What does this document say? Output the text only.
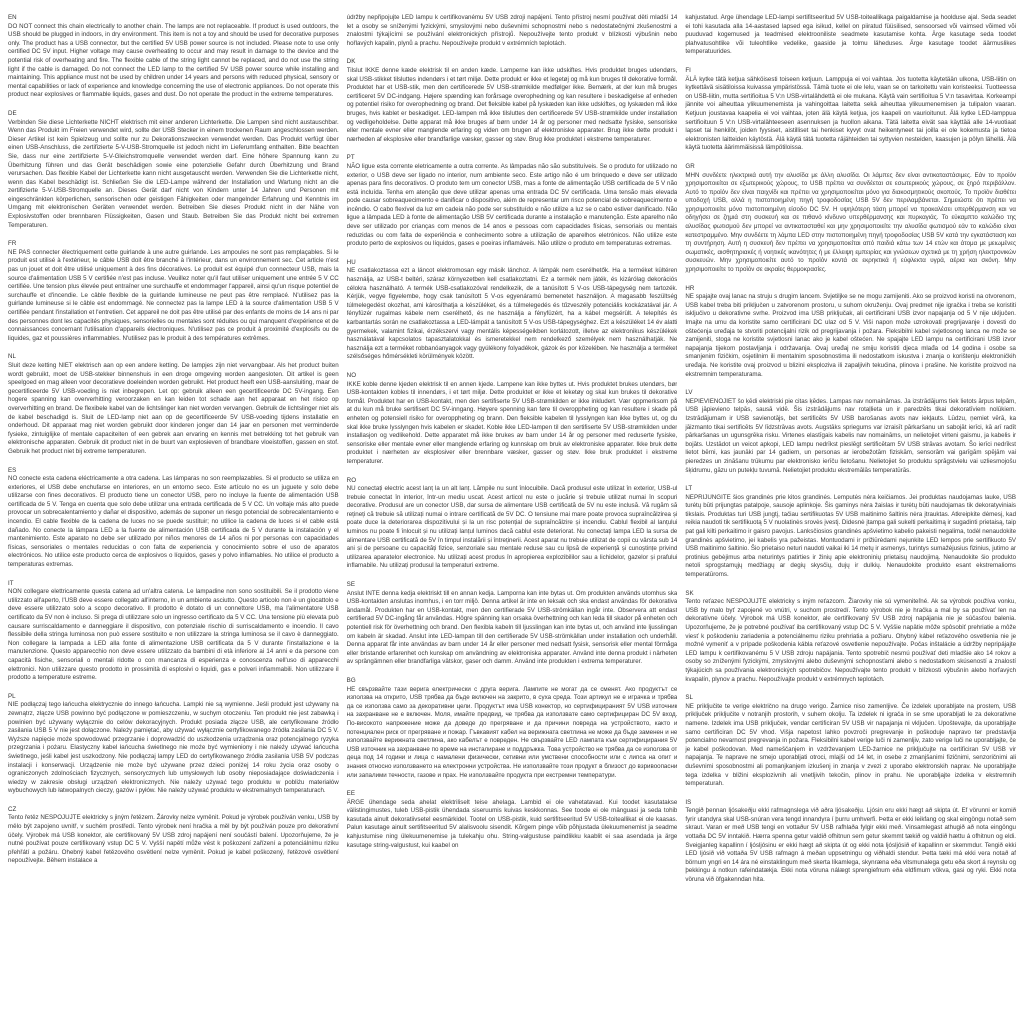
EN
DO NOT connect this chain electrically to another chain. The lamps are not replaceable. If product is used outdoors, the USB should be plugged in indoors, in dry environment. This item is not a toy and should be used for decorative purposes only. The product has a USB connector, but the certified 5V USB power source is not included. Please note to use only certified DC 5V input. Higher voltage may cause overheating to occur and may result in damage to the device and the potential risk of overheating and fire. The flexible cable of the string light cannot be replaced, and do not use the string light if the cable is damaged. Do not connect the LED lamp to the certified 5V USB power source while installing and maintaining. This appliance must not be used by children under 14 years and persons with reduced physical, sensory or mental capabilities or lack of experience and knowledge concerning the use of electronic appliances. Do not operate this product near explosives or flammable liquids, gases and dust. Do not operate the product in the extreme temperatures.
DE
Verbinden Sie diese Lichterkette NICHT elektrisch mit einer anderen Lichterkette. Die Lampen sind nicht austauschbar. Wenn das Produkt im Freien verwendet wird, sollte der USB Stecker in einem trockenen Raum angeschlossen werden. Dieser Artikel ist kein Spielzeug und sollte nur zu Dekorationszwecken verwendet werden. Das Produkt verfügt über einen USB-Anschluss, die zertifizierte 5-V-USB-Stromquelle ist jedoch nicht im Lieferumfang enthalten. Bitte beachten Sie, dass nur eine zertifizierte 5-V-Gleichstromquelle verwendet werden darf. Eine höhere Spannung kann zu Überhitzung führen und das Gerät beschädigen sowie eine potenzielle Gefahr durch Überhitzung und Brand verursachen. Das flexible Kabel der Lichterkette kann nicht ausgetauscht werden. Verwenden Sie die Lichterkette nicht, wenn das Kabel beschädigt ist. Schließen Sie die LED-Lampe während der Installation und Wartung nicht an die zertifizierte 5-V-USB-Stromquelle an. Dieses Gerät darf nicht von Kindern unter 14 Jahren und Personen mit eingeschränkten körperlichen, sensorischen oder geistigen Fähigkeiten oder mangelnder Erfahrung und Kenntnis im Umgang mit elektronischen Geräten verwendet werden. Betreiben Sie dieses Produkt nicht in der Nähe von Explosivstoffen oder brennbaren Flüssigkeiten, Gasen und Staub. Betreiben Sie das Produkt nicht bei extremen Temperaturen.
FR
NE PAS connecter électriquement cette guirlande à une autre guirlande. Les ampoules ne sont pas remplaçables. Si le produit est utilisé à l'extérieur, le câble USB doit être branché à l'intérieur, dans un environnement sec. Cet article n'est pas un jouet et doit être utilisé uniquement à des fins décoratives. Le produit est équipé d'un connecteur USB, mais la source d'alimentation USB 5 V certifiée n'est pas incluse. Veuillez noter qu'il faut utiliser uniquement une entrée 5 V CC certifiée. Une tension plus élevée peut entraîner une surchauffe et endommager l'appareil, ainsi qu'un risque potentiel de surchauffe et d'incendie. Le câble flexible de la guirlande lumineuse ne peut pas être remplacé. N'utilisez pas la guirlande lumineuse si le câble est endommagé. Ne connectez pas la lampe LED à la source d'alimentation USB 5 V certifiée pendant l'installation et l'entretien. Cet appareil ne doit pas être utilisé par des enfants de moins de 14 ans ni par des personnes dont les capacités physiques, sensorielles ou mentales sont réduites ou qui manquent d'expérience et de connaissances concernant l'utilisation d'appareils électroniques. N'utilisez pas ce produit à proximité d'explosifs ou de liquides, gaz et poussières inflammables. N'utilisez pas le produit à des températures extrêmes.
NL
Sluit deze ketting NIET elektrisch aan op een andere ketting. De lampjes zijn niet vervangbaar. Als het product buiten wordt gebruikt, moet de USB-stekker binnenshuis in een droge omgeving worden aangesloten. Dit artikel is geen speelgoed en mag alleen voor decoratieve doeleinden worden gebruikt. Het product heeft een USB-aansluiting, maar de gecertificeerde 5V USB-voeding is niet inbegrepen. Let op: gebruik alleen een gecertificeerde DC 5V-ingang. Een hogere spanning kan oververhitting veroorzaken en kan leiden tot schade aan het apparaat en het risico op oververhitting en brand. De flexibele kabel van de lichtslinger kan niet worden vervangen. Gebruik de lichtslinger niet als de kabel beschadigd is. Sluit de LED-lamp niet aan op de gecertificeerde 5V USB-voeding tijdens installatie en onderhoud. Dit apparaat mag niet worden gebruikt door kinderen jonger dan 14 jaar en personen met verminderde fysieke, zintuiglijke of mentale capaciteiten of een gebrek aan ervaring en kennis met betrekking tot het gebruik van elektronische apparaten. Gebruik dit product niet in de buurt van explosieven of brandbare vloeistoffen, gassen en stof. Gebruik het product niet bij extreme temperaturen.
ES
NO conecte esta cadena eléctricamente a otra cadena. Las lámparas no son reemplazables. Si el producto se utiliza en exteriores, el USB debe enchufarse en interiores, en un entorno seco. Este artículo no es un juguete y solo debe utilizarse con fines decorativos. El producto tiene un conector USB, pero no incluye la fuente de alimentación USB certificada de 5 V. Tenga en cuenta que solo debe utilizar una entrada certificada de 5 V CC. Un voltaje más alto puede provocar un sobrecalentamiento y dañar el dispositivo, además de suponer un riesgo potencial de sobrecalentamiento e incendio. El cable flexible de la cadena de luces no se puede sustituir; no utilice la cadena de luces si el cable está dañado. No conecte la lámpara LED a la fuente de alimentación USB certificada de 5 V durante la instalación y el mantenimiento. Este aparato no debe ser utilizado por niños menores de 14 años ni por personas con capacidades físicas, sensoriales o mentales reducidas o con falta de experiencia y conocimiento sobre el uso de aparatos electrónicos. No utilice este producto cerca de explosivos o líquidos, gases y polvo inflamables. No utilice el producto a temperaturas extremas.
IT
NON collegare elettricamente questa catena ad un'altra catena. Le lampadine non sono sostituibili. Se il prodotto viene utilizzato all'aperto, l'USB deve essere collegato all'interno, in un ambiente asciutto. Questo articolo non è un giocattolo e deve essere utilizzato solo a scopo decorativo. Il prodotto è dotato di un connettore USB, ma l'alimentatore USB certificato da 5V non è incluso. Si prega di utilizzare solo un ingresso certificato da 5 V CC. Una tensione più elevata può causare surriscaldamento e danneggiare il dispositivo, con potenziale rischio di surriscaldamento e incendio. Il cavo flessibile della stringa luminosa non può essere sostituito e non utilizzare la stringa luminosa se il cavo è danneggiato. Non collegare la lampada a LED alla fonte di alimentazione USB certificata da 5 V durante l'installazione e la manutenzione. Questo apparecchio non deve essere utilizzato da bambini di età inferiore ai 14 anni e da persone con capacità fisiche, sensoriali o mentali ridotte o con mancanza di esperienza e conoscenza nell'uso di apparecchi elettronici. Non utilizzare questo prodotto in prossimità di esplosivi o liquidi, gas e polveri infiammabili. Non utilizzare il prodotto a temperature estreme.
PL
NIE podłączaj tego łańcucha elektrycznie do innego łańcucha. Lampki nie są wymienne. Jeśli produkt jest używany na zewnątrz, złącze USB powinno być podłączone w pomieszczeniu, w suchym otoczeniu. Ten produkt nie jest zabawką i powinien być używany wyłącznie do celów dekoracyjnych. Produkt posiada złącze USB, ale certyfikowane źródło zasilania USB 5 V nie jest dołączone. Należy pamiętać, aby używać wyłącznie certyfikowanego źródła zasilania DC 5 V. Wyższe napięcie może spowodować przegrzanie i doprowadzić do uszkodzenia urządzenia oraz potencjalnego ryzyka przegrzania i pożaru. Elastyczny kabel łańcucha świetlnego nie może być wymieniony i nie należy używać łańcucha świetlnego, jeśli kabel jest uszkodzony. Nie podłączaj lampy LED do certyfikowanego źródła zasilania USB 5V podczas instalacji i konserwacji. Urządzenie nie może być używane przez dzieci poniżej 14 roku życia oraz osoby o ograniczonych zdolnościach fizycznych, sensorycznych lub umysłowych lub osoby nieposiadające doświadczenia i wiedzy w zakresie obsługi urządzeń elektronicznych. Nie należy używać tego produktu w pobliżu materiałów wybuchowych lub łatwopalnych cieczy, gazów i pyłów. Nie należy używać produktu w ekstremalnych temperaturach.
CZ
Tento řetěz NESPOJUJTE elektricky s jiným řetězem. Žárovky nelze vyměnit. Pokud je výrobek používán venku, USB by mělo být zapojeno uvnitř, v suchém prostředí. Tento výrobek není hračka a měl by být používán pouze pro dekorativní účely. Výrobek má USB konektor, ale certifikovaný 5V USB zdroj napájení není součástí balení. Upozorňujeme, že je nutné používat pouze certifikovaný vstup DC 5 V. Vyšší napětí může vést k poškození zařízení a potenciálnímu riziku přehřátí a požáru. Ohebný kabel řetězového osvětlení nelze vyměnit. Pokud je kabel poškozený, řetězové osvětlení nepoužívejte. Během instalace a
údržby nepřipojujte LED lampu k certifikovanému 5V USB zdroji napájení. Tento přístroj nesmí používat děti mladší 14 let a osoby se sníženými fyzickými, smyslovými nebo duševními schopnostmi nebo s nedostatečnými zkušenostmi a znalostmi týkajícími se používání elektronických přístrojů. Nepoužívejte tento produkt v blízkosti výbušnin nebo hořlavých kapalin, plynů a prachu. Nepoužívejte produkt v extrémních teplotách.
DK
Tilslut IKKE denne kæde elektrisk til en anden kæde. Lamperne kan ikke udskiftes. Hvis produktet bruges udendørs, skal USB-stikket tilsluttes indendørs i et tørt miljø. Dette produkt er ikke et legetøj og må kun bruges til dekorative formål. Produktet har et USB-stik, men den certificerede 5V USB-strømkilde medfølger ikke. Bemærk, at der kun må bruges certificeret 5V DC-indgang. Højere spænding kan forårsage overophedning og kan resultere i beskadigelse af enheden og potentiel risiko for overophedning og brand. Det fleksible kabel på lyskæden kan ikke udskiftes, og lyskæden må ikke bruges, hvis kablet er beskadiget. LED-lampen må ikke tilsluttes den certificerede 5V USB-strømkilde under installation og vedligeholdelse. Dette apparat må ikke bruges af børn under 14 år og personer med nedsatte fysiske, sensoriske eller mentale evner eller manglende erfaring og viden om brugen af elektroniske apparater. Brug ikke dette produkt i nærheden af eksplosive eller brandfarlige væsker, gasser og støv. Brug ikke produktet i ekstreme temperaturer.
PT
NÃO ligue esta corrente eletricamente a outra corrente. As lâmpadas não são substituíveis. Se o produto for utilizado no exterior, o USB deve ser ligado no interior, num ambiente seco. Este artigo não é um brinquedo e deve ser utilizado apenas para fins decorativos. O produto tem um conector USB, mas a fonte de alimentação USB certificada de 5 V não está incluída. Tenha em atenção que deve utilizar apenas uma entrada DC 5V certificada. Uma tensão mais elevada pode causar sobreaquecimento e danificar o dispositivo, além de representar um risco potencial de sobreaquecimento e incêndio. O cabo flexível da luz em cadeia não pode ser substituído e não utilize a luz se o cabo estiver danificado. Não ligue a lâmpada LED à fonte de alimentação USB 5V certificada durante a instalação e manutenção. Este aparelho não deve ser utilizado por crianças com menos de 14 anos e pessoas com capacidades físicas, sensoriais ou mentais reduzidas ou com falta de experiência e conhecimento sobre a utilização de aparelhos eletrónicos. Não utilize este produto perto de explosivos ou líquidos, gases e poeiras inflamáveis. Não utilize o produto em temperaturas extremas.
HU
NE csatlakoztassa ezt a láncot elektromosan egy másik lánchoz. A lámpák nem cserélhetők. Ha a terméket kültéren használja, az USB-t beltéri, száraz környezetben kell csatlakoztatni. Ez a termék nem játék, és kizárólag dekorációs célokra használható. A termék USB-csatlakozóval rendelkezik, de a tanúsított 5 V-os USB-tápegység nem tartozék. Kérjük, vegye figyelembe, hogy csak tanúsított 5 V-os egyenáramú bemenetet használjon. A magasabb feszültség túlmelegedést okozhat, ami károsíthatja a készüléket, és a túlmelegedés és tűzveszély potenciális kockázatával jár. A fényfüzér rugalmas kábele nem cserélhető, és ne használja a fényfüzért, ha a kábel megsérült. A telepítés és karbantartás során ne csatlakoztassa a LED-lámpát a tanúsított 5 V-os USB-tápegységhez. Ezt a készüléket 14 év alatti gyermekek, valamint fizikai, érzékszervi vagy mentális képességeikben korlátozott, illetve az elektronikus készülékek használatával kapcsolatos tapasztalatokkal és ismeretekkel nem rendelkező személyek nem használhatják. Ne használja ezt a terméket robbanóanyagok vagy gyúlékony folyadékok, gázok és por közelében. Ne használja a terméket szélsőséges hőmérsékleti körülmények között.
NO
IKKE koble denne kjeden elektrisk til en annen kjede. Lampene kan ikke byttes ut. Hvis produktet brukes utendørs, bør USB-kontakten kobles til innendørs, i et tørt miljø. Dette produktet er ikke et leketøy og skal kun brukes til dekorative formål. Produktet har en USB-kontakt, men den sertifiserte 5V USB-strømkilden er ikke inkludert. Vær oppmerksom på at du kun må bruke sertifisert DC 5V-inngang. Høyere spenning kan føre til overoppheting og kan resultere i skade på enheten og potensiell risiko for overoppheting og brann. Den fleksible kabelen til lysslyngen kan ikke byttes ut, og du skal ikke bruke lysslyngen hvis kabelen er skadet. Koble ikke LED-lampen til den sertifiserte 5V USB-strømkilden under installasjon og vedlikehold. Dette apparatet må ikke brukes av barn under 14 år og personer med reduserte fysiske, sensoriske eller mentale evner eller manglende erfaring og kunnskap om bruk av elektroniske apparater. Ikke bruk dette produktet i nærheten av eksplosiver eller brennbare væsker, gasser og støv. Ikke bruk produktet i ekstreme temperaturer.
RO
NU conectați electric acest lanț la un alt lanț. Lămpile nu sunt înlocuibile. Dacă produsul este utilizat în exterior, USB-ul trebuie conectat în interior, într-un mediu uscat. Acest articol nu este o jucărie și trebuie utilizat numai în scopuri decorative. Produsul are un conector USB, dar sursa de alimentare USB certificată de 5V nu este inclusă. Vă rugăm să rețineți că trebuie să utilizați numai o intrare certificată de 5V DC. O tensiune mai mare poate provoca supraîncălzirea și poate duce la deteriorarea dispozitivului și la un risc potențial de supraîncălzire și incendiu. Cablul flexibil al lanțului luminos nu poate fi înlocuit și nu utilizați lanțul luminos dacă cablul este deteriorat. Nu conectați lampa LED la sursa de alimentare USB certificată de 5V în timpul instalării și întreținerii. Acest aparat nu trebuie utilizat de copii cu vârsta sub 14 ani și de persoane cu capacități fizice, senzoriale sau mentale reduse sau cu lipsă de experiență și cunoștințe privind utilizarea aparatelor electronice. Nu utilizați acest produs în apropierea explozibililor sau a lichidelor, gazelor și prafului inflamabile. Nu utilizați produsul la temperaturi extreme.
SE
Anslut INTE denna kedja elektriskt till en annan kedja. Lamporna kan inte bytas ut. Om produkten används utomhus ska USB-kontakten anslutas inomhus, i en torr miljö. Denna artikel är inte en leksak och ska endast användas för dekorativa ändamål. Produkten har en USB-kontakt, men den certifierade 5V USB-strömkällan ingår inte. Observera att endast certifierad 5V DC-ingång får användas. Högre spänning kan orsaka överhettning och kan leda till skador på enheten och potentiell risk för överhettning och brand. Den flexibla kabeln till ljusslingan kan inte bytas ut, och använd inte ljusslingan om kabeln är skadad. Anslut inte LED-lampan till den certifierade 5V USB-strömkällan under installation och underhåll. Denna apparat får inte användas av barn under 14 år eller personer med nedsatt fysisk, sensorisk eller mental förmåga eller bristande erfarenhet och kunskap om användning av elektroniska apparater. Använd inte denna produkt i närheten av sprängämnen eller brandfarliga vätskor, gaser och damm. Använd inte produkten i extrema temperaturer.
BG
НЕ свързвайте тази верига електрически с друга верига. Лампите не могат да се сменят. Ако продуктът се използва на открито, USB трябва да бъде включен на закрито, в суха среда. Този артикул не е играчка и трябва да се използва само за декоративни цели. Продуктът има USB конектор, но сертифицираният 5V USB източник на захранване не е включен. Моля, имайте предвид, че трябва да използвате само сертифициран DC 5V вход. По-високото напрежение може да доведе до прегряване и да причини повреда на устройството, както и потенциален риск от прегряване и пожар. Гъвкавият кабел на верижната светлина не може да бъде заменен и не използвайте верижната светлина, ако кабелът е повреден. Не свързвайте LED лампата към сертифицирания 5V USB източник на захранване по време на инсталиране и поддръжка. Това устройство не трябва да се използва от деца под 14 години и лица с намалени физически, сетивни или умствени способности или с липса на опит и знания относно използването на електронни устройства. Не използвайте този продукт в близост до взривоопасни или запалими течности, газове и прах. Не използвайте продукта при екстремни температури.
EE
ÄRGE ühendage seda ahelat elektriliselt teise ahelaga. Lambid ei ole vahetatavad. Kui toodet kasutatakse välistingimustes, tuleb USB-pistik ühendada siseruumis kuivas keskkonnas. See toode ei ole mänguasi ja seda tohib kasutada ainult dekoratiivsetel eesmärkidel. Tootel on USB-pistik, kuid sertifitseeritud 5V USB-toiteallikat ei ole kaasas. Palun kasutage ainult sertifitseeritud 5V alalisvoolu sisendit. Kõrgem pinge võib põhjustada ülekuumenemist ja seadme kahjustumise ning ülekuumenemise ja tulekahju ohu. String-valgustuse paindlikku kaablit ei saa asendada ja ärge kasutage string-valgustust, kui kaabel on
kahjustatud. Ärge ühendage LED-lampi sertifitseeritud 5V USB-toiteallikaga paigaldamise ja hoolduse ajal. Seda seadet ei tohi kasutada alla 14-aastased lapsed ega isikud, kellel on piiratud füüsilised, sensoorsed või vaimsed võimed või puuduvad kogemused ja teadmised elektrooniliste seadmete kasutamise kohta. Ärge kasutage seda toodet plahvatusohtlike või tuleohtlike vedelike, gaaside ja tolmu läheduses. Ärge kasutage toodet äärmuslikes temperatuurides.
FI
ÄLÄ kytke tätä ketjua sähköisesti toiseen ketjuun. Lamppuja ei voi vaihtaa. Jos tuotetta käytetään ulkona, USB-liitin on kytkettävä sisätiloissa kuivassa ympäristössä. Tämä tuote ei ole lelu, vaan se on tarkoitettu vain koristeeksi. Tuotteessa on USB-liitin, mutta sertifioitua 5 V:n USB-virtalähdettä ei ole mukana. Käytä vain sertifioitua 5 V:n tasavirtaa. Korkeampi jännite voi aiheuttaa ylikuumenemista ja vahingoittaa laitetta sekä aiheuttaa ylikuumenemisen ja tulipalon vaaran. Ketjuun joustavaa kaapelia ei voi vaihtaa, joten älä käytä ketjua, jos kaapeli on vaurioitunut. Älä kytke LED-lamppua sertifioituun 5 V:n USB-virtalähteeseen asennuksen ja huollon aikana. Tätä laitetta eivät saa käyttää alle 14-vuotiaat lapset tai henkilöt, joiden fyysiset, aistilliset tai henkiset kyvyt ovat heikentyneet tai joilla ei ole kokemusta ja tietoa elektronisten laitteiden käytöstä. Älä käytä tätä tuotetta räjähteiden tai syttyvien nesteiden, kaasujen ja pölyn lähellä. Älä käytä tuotetta äärimmäisissä lämpötiloissa.
GR
ΜΗΝ συνδέετε ηλεκτρικά αυτή την αλυσίδα με άλλη αλυσίδα. Οι λάμπες δεν είναι αντικαταστάσιμες. Εάν το προϊόν χρησιμοποιείται σε εξωτερικούς χώρους, το USB πρέπει να συνδέεται σε εσωτερικούς χώρους, σε ξηρό περιβάλλον. Αυτό το προϊόν δεν είναι παιχνίδι και πρέπει να χρησιμοποιείται μόνο για διακοσμητικούς σκοπούς. Το προϊόν διαθέτει υποδοχή USB, αλλά η πιστοποιημένη πηγή τροφοδοσίας USB 5V δεν περιλαμβάνεται. Σημειώστε ότι πρέπει να χρησιμοποιείτε μόνο πιστοποιημένη είσοδο DC 5V. Η υψηλότερη τάση μπορεί να προκαλέσει υπερθέρμανση και να οδηγήσει σε ζημιά στη συσκευή και σε πιθανό κίνδυνο υπερθέρμανσης και πυρκαγιάς. Το εύκαμπτο καλώδιο της αλυσίδας φωτισμού δεν μπορεί να αντικατασταθεί και μην χρησιμοποιείτε την αλυσίδα φωτισμού εάν το καλώδιο είναι κατεστραμμένο. Μην συνδέετε τη λάμπα LED στην πιστοποιημένη πηγή τροφοδοσίας USB 5V κατά την εγκατάσταση και τη συντήρηση. Αυτή η συσκευή δεν πρέπει να χρησιμοποιείται από παιδιά κάτω των 14 ετών και άτομα με μειωμένες σωματικές, αισθητηριακές ή νοητικές ικανότητες ή με έλλειψη εμπειρίας και γνώσεων σχετικά με τη χρήση ηλεκτρονικών συσκευών. Μην χρησιμοποιείτε αυτό το προϊόν κοντά σε εκρηκτικά ή εύφλεκτα υγρά, αέρια και σκόνη. Μην χρησιμοποιείτε το προϊόν σε ακραίες θερμοκρασίες.
HR
NE spajajte ovaj lanac na struju s drugim lancem. Svjetiljke se ne mogu zamijeniti. Ako se proizvod koristi na otvorenom, USB kabel treba biti priključen u zatvorenom prostoru, u suhom okruženju. Ovaj predmet nije igračka i treba se koristiti isključivo u dekorativne svrhe. Proizvod ima USB priključak, ali certificirani USB izvor napajanja od 5 V nije uključen. Imajte na umu da koristite samo certificirani DC ulaz od 5 V. Viši napon može uzrokovati pregrijavanje i dovesti do oštećenja uređaja te stvoriti potencijalni rizik od pregrijavanja i požara. Fleksibilni kabel svjetlosnog lanca ne može se zamijeniti, stoga ne koristite svjetlosni lanac ako je kabel oštećen. Ne spajajte LED lampu na certificirani USB izvor napajanja tijekom postavljanja i održavanja. Ovaj uređaj ne smiju koristiti djeca mlađa od 14 godina i osobe sa smanjenim fizičkim, osjetilnim ili mentalnim sposobnostima ili nedostatkom iskustva i znanja o korištenju elektroničkih uređaja. Ne koristite ovaj proizvod u blizini eksploziva ili zapaljivih tekućina, plinova i prašine. Ne koristite proizvod na ekstremnim temperaturama.
LV
NEPIEVIENOJIET šo ķēdi elektriski pie citas ķēdes. Lampas nav nomaināmas. Ja izstrādājums tiek lietots ārpus telpām, USB jāpievieno telpās, sausā vidē. Šis izstrādājums nav rotaļlieta un ir paredzēts tikai dekoratīviem nolūkiem. Izstrādājumam ir USB savienotājs, bet sertificēts 5V USB barošanas avots nav iekļauts. Lūdzu, ņemiet vērā, ka jāizmanto tikai sertificēts 5V līdzstrāvas avots. Augstāks spriegums var izraisīt pārkaršanu un sabojāt ierīci, kā arī radīt pārkaršanas un ugunsgrēka risku. Virtenes elastīgais kabelis nav nomaināms, un nelietojiet virteni gaismu, ja kabelis ir bojāts. Uzstādot un veicot apkopi, LED lampu nedrīkst pieslēgt sertificētam 5V USB strāvas avotam. Šo ierīci nedrīkst lietot bērni, kas jaunāki par 14 gadiem, un personas ar ierobežotām fiziskām, sensorām vai garīgām spējām vai pieredzes un zināšanu trūkumu par elektronisko ierīču lietošanu. Nelietojiet šo produktu sprāgstvielu vai uzliesmojošu šķidrumu, gāzu un putekļu tuvumā. Nelietojiet produktu ekstremālās temperatūrās.
LT
NEPRIJUNGITE šios grandinės prie kitos grandinės. Lemputės nėra keičiamos. Jei produktas naudojamas lauke, USB turėtų būti prijungtas patalpoje, sausoje aplinkoje. Šis gaminys nėra žaislas ir turėtų būti naudojamas tik dekoratyviniais tikslais. Produktas turi USB jungtį, tačiau sertifikuotas 5V USB maitinimo šaltinis nėra įtrauktas. Atkreipkite dėmesį, kad reikia naudoti tik sertifikuotą 5 V nuolatinės srovės įvestį. Didesnė įtampa gali sukelti perkaitimą ir sugadinti prietaisą, taip pat gali kilti perkaitimo ir gaisro pavojus. Lanksčiosios grandinės apšvietimo kabelio pakeisti negalima, todėl nenaudokite grandinės apšvietimo, jei kabelis yra pažeistas. Montuodami ir prižiūrėdami nejunkite LED lempos prie sertifikuoto 5V USB maitinimo šaltinio. Šio prietaiso neturi naudoti vaikai iki 14 metų ir asmenys, turintys sumažėjusius fizinius, jutimo ar protinius gebėjimus arba neturintys patirties ir žinių apie elektroninių prietaisų naudojimą. Nenaudokite šio produkto netoli sprogstamųjų medžiagų ar degių skysčių, dujų ir dulkių. Nenaudokite produkto esant ekstremalioms temperatūroms.
SK
Tento reťazec NESPOJUJTE elektricky s iným reťazcom. Žiarovky nie sú vymeniteľné. Ak sa výrobok používa vonku, USB by malo byť zapojené vo vnútri, v suchom prostredí. Tento výrobok nie je hračka a mal by sa používať len na dekoratívne účely. Výrobok má USB konektor, ale certifikovaný 5V USB zdroj napájania nie je súčasťou balenia. Upozorňujeme, že je potrebné používať iba certifikovaný vstup DC 5 V. Vyššie napätie môže spôsobiť prehriatie a môže viesť k poškodeniu zariadenia a potenciálnemu riziku prehriatia a požiaru. Ohybný kábel reťazového osvetlenia nie je možné vymeniť a v prípade poškodenia kábla reťazové osvetlenie nepoužívajte. Počas inštalácie a údržby nepripájajte LED lampu k certifikovanému 5 V USB zdroju napájania. Tento spotrebič nesmú používať deti mladšie ako 14 rokov a osoby so zníženými fyzickými, zmyslovými alebo duševnými schopnosťami alebo s nedostatkom skúseností a znalostí týkajúcich sa používania elektronických spotrebičov. Nepoužívajte tento produkt v blízkosti výbušnín alebo horľavých kvapalín, plynov a prachu. Nepoužívajte produkt v extrémnych teplotách.
SL
NE priključite te verige električno na drugo verigo. Žarnice niso zamenljive. Če izdelek uporabljate na prostem, USB priključek priključite v notranjih prostorih, v suhem okolju. Ta izdelek ni igrača in se sme uporabljati le za dekorativne namene. Izdelek ima USB priključek, vendar certificiran 5V USB vir napajanja ni vključen. Upoštevajte, da uporabljajte samo certificiran DC 5V vhod. Višja napetost lahko povzroči pregrevanje in poškoduje napravo ter predstavlja potencialno nevarnost pregrevanja in požara. Fleksibilni kabel verige luči ni zamenljiv, zato verige luči ne uporabljajte, če je kabel poškodovan. Med nameščanjem in vzdrževanjem LED-žarnice ne priključujte na certificiran 5V USB vir napajanja. Te naprave ne smejo uporabljati otroci, mlajši od 14 let, in osebe z zmanjšanimi fizičnimi, senzoričnimi ali duševnimi sposobnostmi ali pomanjkanjem izkušenj in znanja v zvezi z uporabo elektronskih naprav. Ne uporabljajte tega izdelka v bližini eksplozivnih ali vnetljivih tekočin, plinov in prahu. Ne uporabljajte izdelka v ekstremnih temperaturah.
IS
Tengið þennan ljósakeðju ekki rafmagnslega við aðra ljósakeðju. Ljósin eru ekki hægt að skipta út. Ef vörunni er komið fyrir utandyra skal USB-snúran vera tengd innandyra í þurru umhverfi. Þetta er ekki leikfang og skal eingöngu notað sem skraut. Varan er með USB tengi en vottaður 5V USB rafhlaða fylgir ekki með. Vinsamlegast athugið að nota eingöngu vottaða DC 5V inntakið. Hærra spenna getur valdið ofhitnun sem getur skemmt tækið og valdið hættu á ofhitnun og eldi. Sveigjanleg kapallinn í ljósljósinu er ekki hægt að skipta út og ekki nota ljósljósið ef kapallinn er skemmdur. Tengið ekki LED ljósið við vottaða 5V USB rafmagn á meðan uppsetningu og viðhaldi stendur. Þetta tæki má ekki vera notað af börnum yngri en 14 ára né einstaklingum með skerta líkamlega, skynræna eða vitsmunalega getu eða skort á reynslu og þekkingu á notkun rafeindatækja. Ekki nota vöruna nálægt sprengiefnum eða eldfimum vökva, gasi og ryki. Ekki nota vöruna við öfgakenndan hita.
